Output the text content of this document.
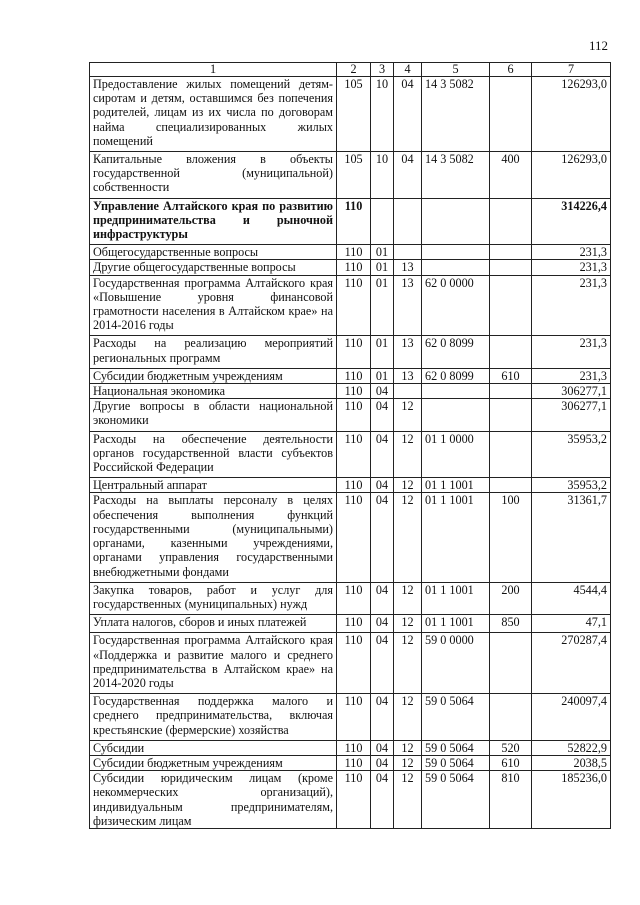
112
1	2	3	4	5	6	7
Предоставление жилых помещений детям-сиротам и детям, оставшимся без попечения родителей, лицам из их числа по договорам найма специализированных жилых помещений	105	10	04	14 3 5082		126293,0
Капитальные вложения в объекты государственной (муниципальной) собственности	105	10	04	14 3 5082	400	126293,0
Управление Алтайского края по развитию предпринимательства и рыночной инфраструктуры	110					314226,4
Общегосударственные вопросы	110	01				231,3
Другие общегосударственные вопросы	110	01	13			231,3
Государственная программа Алтайского края «Повышение уровня финансовой грамотности населения в Алтайском крае» на 2014-2016 годы	110	01	13	62 0 0000		231,3
Расходы на реализацию мероприятий региональных программ	110	01	13	62 0 8099		231,3
Субсидии бюджетным учреждениям	110	01	13	62 0 8099	610	231,3
Национальная экономика	110	04				306277,1
Другие вопросы в области национальной экономики	110	04	12			306277,1
Расходы на обеспечение деятельности органов государственной власти субъектов Российской Федерации	110	04	12	01 1 0000		35953,2
Центральный аппарат	110	04	12	01 1 1001		35953,2
Расходы на выплаты персоналу в целях обеспечения выполнения функций государственными (муниципальными) органами, казенными учреждениями, органами управления государственными внебюджетными фондами	110	04	12	01 1 1001	100	31361,7
Закупка товаров, работ и услуг для государственных (муниципальных) нужд	110	04	12	01 1 1001	200	4544,4
Уплата налогов, сборов и иных платежей	110	04	12	01 1 1001	850	47,1
Государственная программа Алтайского края «Поддержка и развитие малого и среднего предпринимательства в Алтайском крае» на 2014-2020 годы	110	04	12	59 0 0000		270287,4
Государственная поддержка малого и среднего предпринимательства, включая крестьянские (фермерские) хозяйства	110	04	12	59 0 5064		240097,4
Субсидии	110	04	12	59 0 5064	520	52822,9
Субсидии бюджетным учреждениям	110	04	12	59 0 5064	610	2038,5
Субсидии юридическим лицам (кроме некоммерческих организаций), индивидуальным предпринимателям, физическим лицам	110	04	12	59 0 5064	810	185236,0
